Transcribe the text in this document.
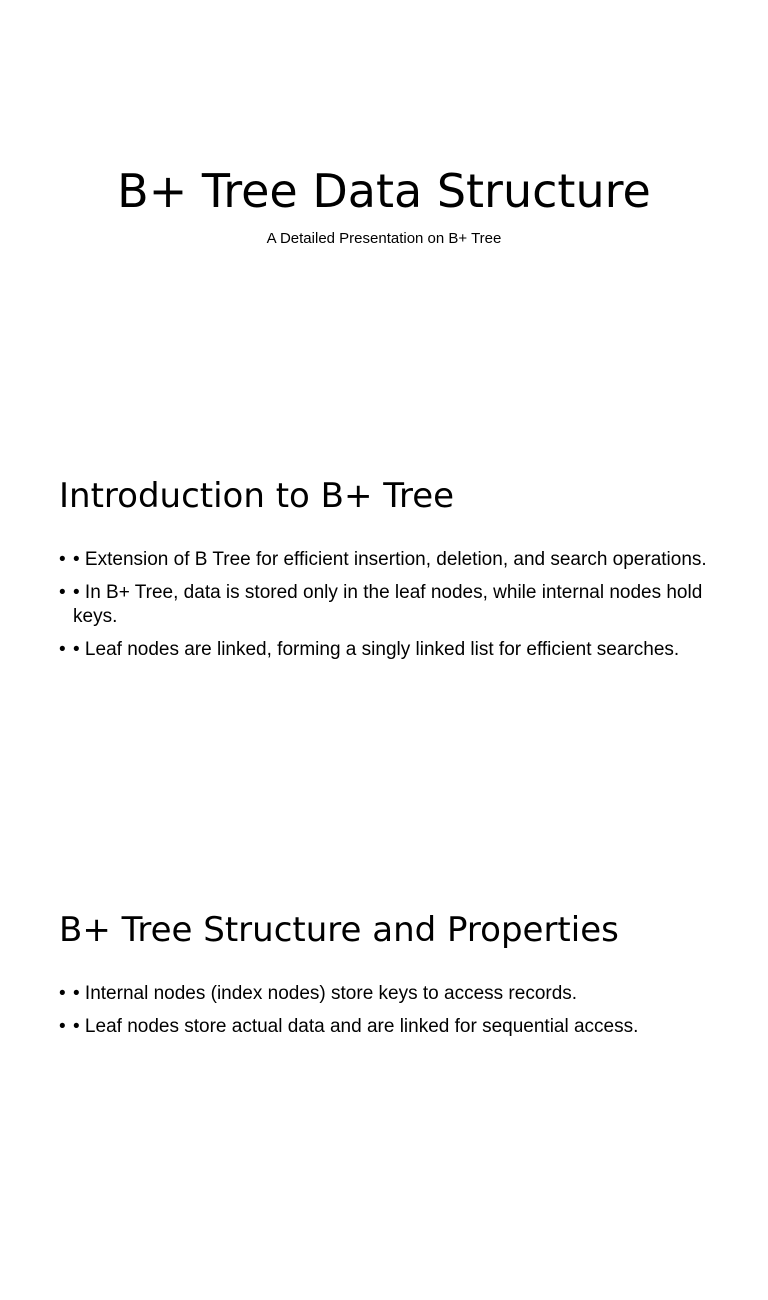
B+ Tree Data Structure

A Detailed Presentation on B+ Tree

Introduction to B+ Tree
• • Extension of B Tree for efficient insertion, deletion, and search operations.
• • In B+ Tree, data is stored only in the leaf nodes, while internal nodes hold keys.
• • Leaf nodes are linked, forming a singly linked list for efficient searches.
B+ Tree Structure and Properties
• • Internal nodes (index nodes) store keys to access records.
• • Leaf nodes store actual data and are linked for sequential access.
